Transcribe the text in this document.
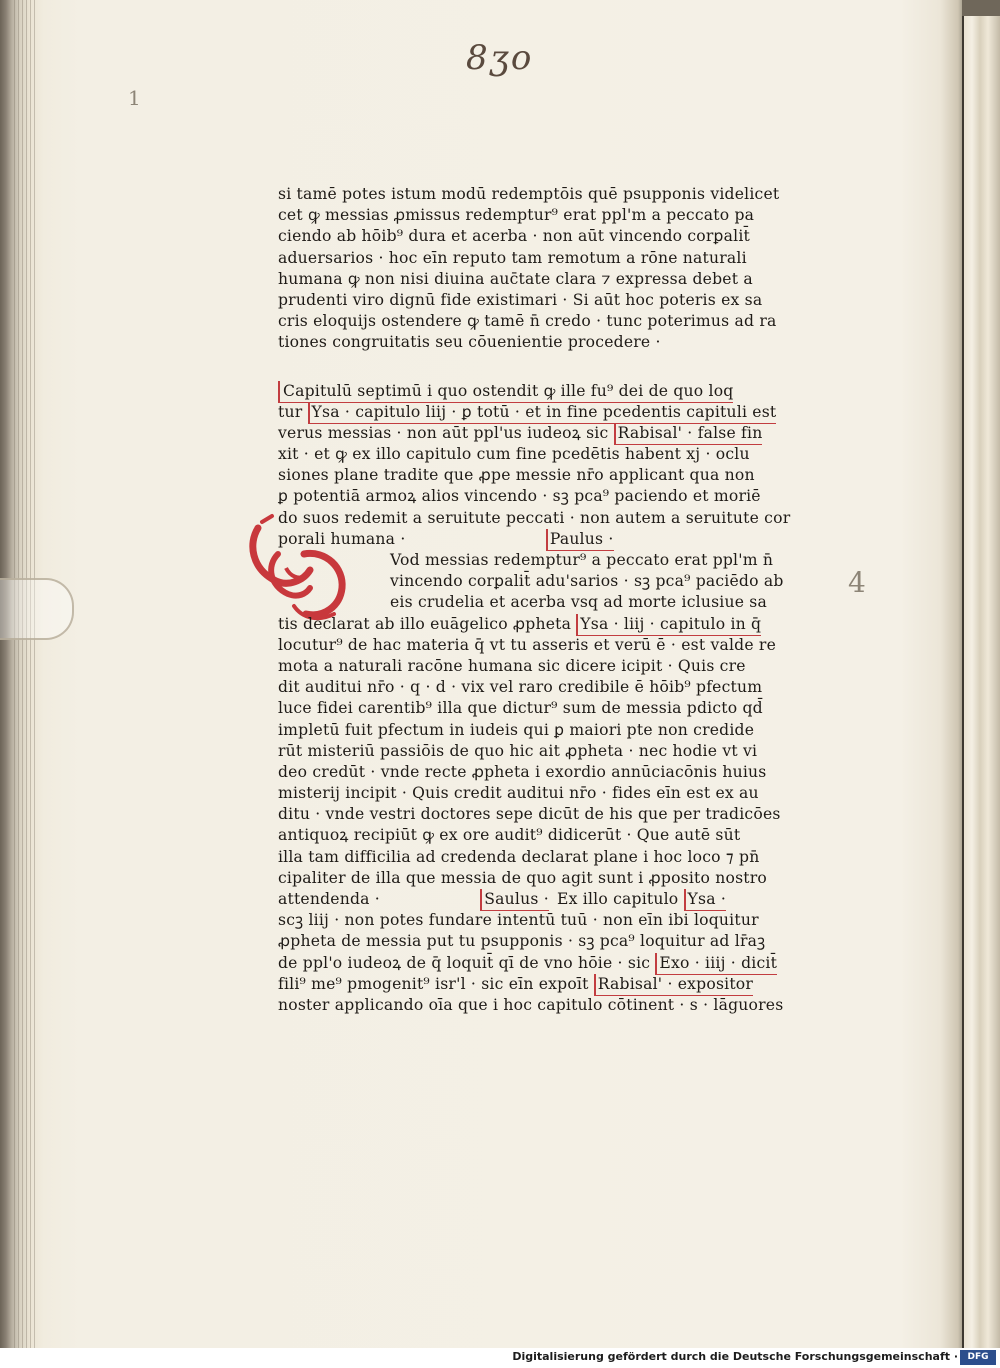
8ʒo
1
4
si tamē potes istum modū redemptōis quē psupponis videlicet
cet ꝙ messias ꝓmissus redemptur⁹ erat ppl'm a peccato pa
ciendo ab hōib⁹ dura et acerba · non aūt vincendo corꝑalit̄
aduersarios · hoc eīn reputo tam remotum a rōne naturali
humana ꝙ non nisi diuina auc̄tate clara ⁊ expressa debet a
prudenti viro dignū fide existimari · Si aūt hoc poteris ex sa
cris eloquijs ostendere ꝙ tamē n̄ credo · tunc poterimus ad ra
tiones congruitatis seu cōuenientie procedere ·
Capitulū septimū i quo ostendit ꝙ ille fu⁹ dei de quo loq
tur Ysa · capitulo liij · ꝑ totū · et in fine pcedentis capituli est
verus messias · non aūt ppl'us iudeoꝝ sic Rabisal' · false fin
xit · et ꝙ ex illo capitulo cum fine pcedētis habent xj · oclu
siones plane tradite que ꝓpe messie nr̄o applicant qua non
ꝑ potentiā armoꝝ alios vincendo · sꝫ pca⁹ paciendo et moriē
do suos redemit a seruitute peccati · non autem a seruitute cor
porali humana ·	Paulus ·
Vod messias redemptur⁹ a peccato erat ppl'm n̄
vincendo corꝑalit̄ adu'sarios · sꝫ pca⁹ paciēdo ab
eis crudelia et acerba vsq ad morte iclusiue sa
tis declarat ab illo euāgelico ꝓpheta Ysa · liij · capitulo in q̄
locutur⁹ de hac materia q̄ vt tu asseris et verū ē · est valde re
mota a naturali racōne humana sic dicere icipit · Quis cre
dit auditui nr̄o · q · d · vix vel raro credibile ē hōib⁹ pfectum
luce fidei carentib⁹ illa que dictur⁹ sum de messia pdicto qd̄
impletū fuit pfectum in iudeis qui ꝑ maiori pte non credide
rūt misteriū passiōis de quo hic ait ꝓpheta · nec hodie vt vi
deo credūt · vnde recte ꝓpheta i exordio annūciacōnis huius
misterij incipit · Quis credit auditui nr̄o · fides eīn est ex au
ditu · vnde vestri doctores sepe dicūt de his que per tradicōes
antiquoꝝ recipiūt ꝙ ex ore audit⁹ didicerūt · Que autē sūt
illa tam difficilia ad credenda declarat plane i hoc loco ⁊ pn̄
cipaliter de illa que messia de quo agit sunt i ꝓposito nostro
attendenda ·	Saulus · Ex illo capitulo Ysa ·
scꝫ liij · non potes fundare intentū tuū · non eīn ibi loquitur
ꝓpheta de messia put tu psupponis · sꝫ pca⁹ loquitur ad lr̄aꝫ
de ppl'o iudeoꝝ de q̄ loquit̄ qī de vno hōie · sic Exo · iiij · dicit̄
fili⁹ me⁹ pmogenit⁹ isr'l · sic eīn expoīt Rabisal' · expositor
noster applicando oīa que i hoc capitulo cōtinent · s · lāguores
Digitalisierung gefördert durch die Deutsche Forschungsgemeinschaft ·	DFG
